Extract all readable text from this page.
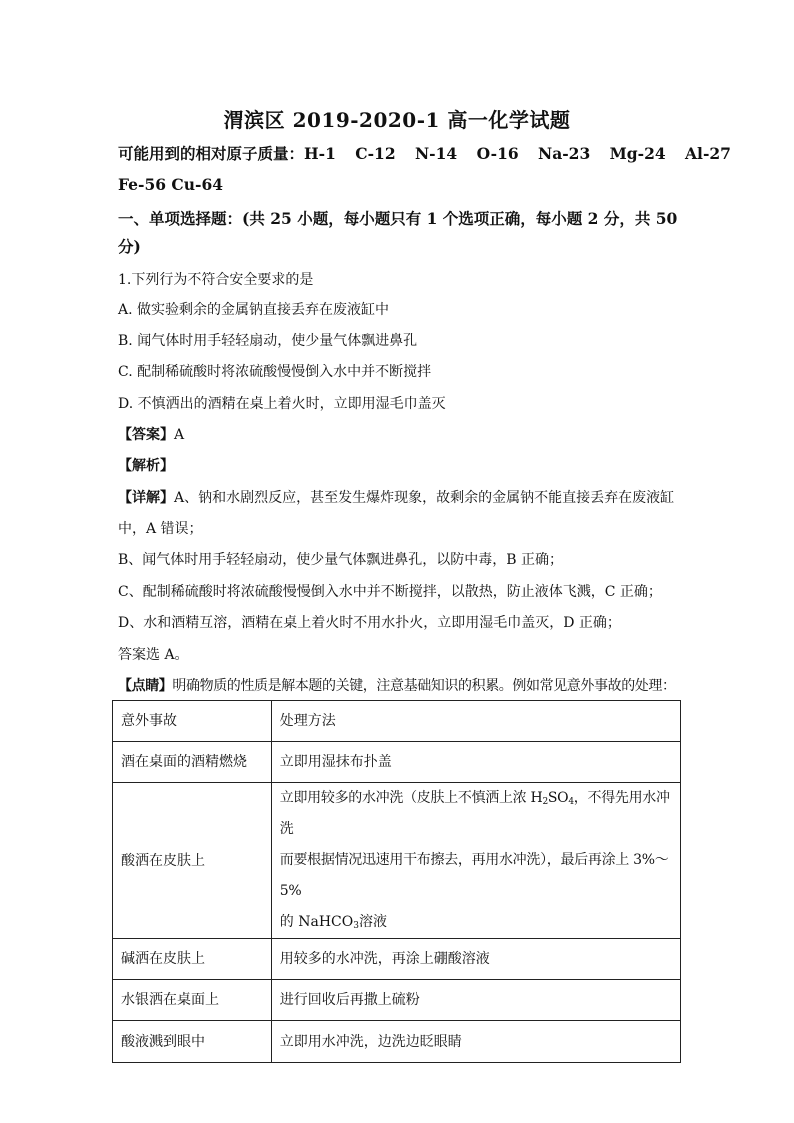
渭滨区 2019-2020-1 高一化学试题
可能用到的相对原子质量：H-1 C-12 N-14 O-16 Na-23 Mg-24 Al-27
Fe-56 Cu-64
一、单项选择题：(共 25 小题，每小题只有 1 个选项正确，每小题 2 分，共 50
分)
1.下列行为不符合安全要求的是
A. 做实验剩余的金属钠直接丢弃在废液缸中
B. 闻气体时用手轻轻扇动，使少量气体飘进鼻孔
C. 配制稀硫酸时将浓硫酸慢慢倒入水中并不断搅拌
D. 不慎洒出的酒精在桌上着火时，立即用湿毛巾盖灭
【答案】A
【解析】
【详解】A、钠和水剧烈反应，甚至发生爆炸现象，故剩余的金属钠不能直接丢弃在废液缸
中，A 错误；
B、闻气体时用手轻轻扇动，使少量气体飘进鼻孔，以防中毒，B 正确；
C、配制稀硫酸时将浓硫酸慢慢倒入水中并不断搅拌，以散热，防止液体飞溅，C 正确；
D、水和酒精互溶，酒精在桌上着火时不用水扑火，立即用湿毛巾盖灭，D 正确；
答案选 A。
【点睛】明确物质的性质是解本题的关键，注意基础知识的积累。例如常见意外事故的处理：
意外事故	处理方法
酒在桌面的酒精燃烧	立即用湿抹布扑盖
酸洒在皮肤上	立即用较多的水冲洗（皮肤上不慎洒上浓 $H_2SO_4$，不得先用水冲洗
而要根据情况迅速用干布擦去，再用水冲洗），最后再涂上 3%～5%
的 NaHCO$_3$溶液

碱洒在皮肤上	用较多的水冲洗，再涂上硼酸溶液
水银洒在桌面上	进行回收后再撒上硫粉
酸液溅到眼中	立即用水冲洗，边洗边眨眼睛
